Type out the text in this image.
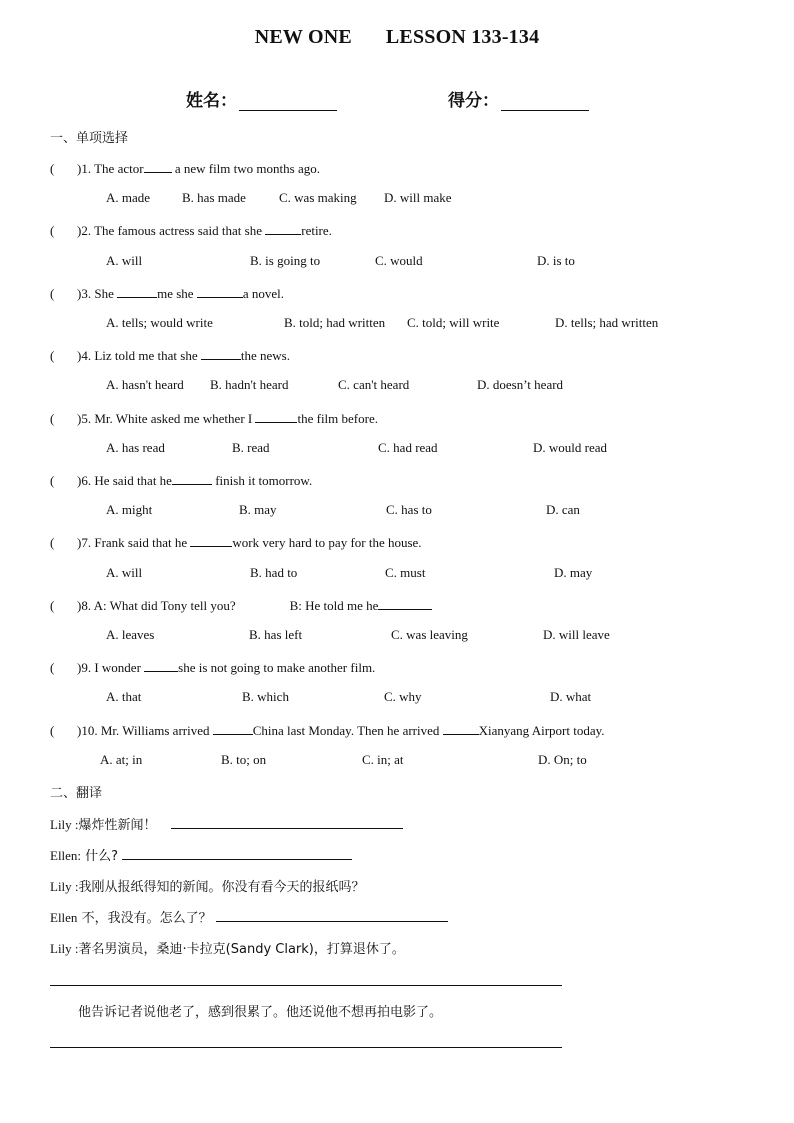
NEW ONE LESSON 133-134
姓名：	得分：
一、单项选择
( )1. The actor a new film two months ago.
A. made B. has made	C. was making D. will make
( )2. The famous actress said that she	retire.
A. will	B. is going to	C. would	D. is to
( )3. She	me she	a novel.
A. tells; would write	B. told; had written C. told; will write	D. tells; had written
( )4. Liz told me that she	the news.
A. hasn't heard B. hadn't heard	C. can't heard	D. doesn’t heard
( )5. Mr. White asked me whether I	the film before.
A. has read	B. read	C. had read	D. would read
( )6. He said that he	finish it tomorrow.
A. might	B. may	C. has to	D. can
( )7. Frank said that he	work very hard to pay for the house.
A. will	B. had to	C. must	D. may
( )8. A: What did Tony tell you?	B: He told me he
A. leaves	B. has left	C. was leaving	D. will leave
( )9. I wonder	she is not going to make another film.
A. that	B. which	C. why	D. what
( )10. Mr. Williams arrived	China last Monday. Then he arrived	Xianyang Airport today.
A. at; in	B. to; on	C. in; at	D. On; to
二、翻译
Lily :爆炸性新闻！
Ellen: 什么?
Lily :我刚从报纸得知的新闻。你没有看今天的报纸吗？
Ellen 不，我没有。怎么了？
Lily :著名男演员，桑迪·卡拉克(Sandy Clark)，打算退休了。
他告诉记者说他老了，感到很累了。他还说他不想再拍电影了。
